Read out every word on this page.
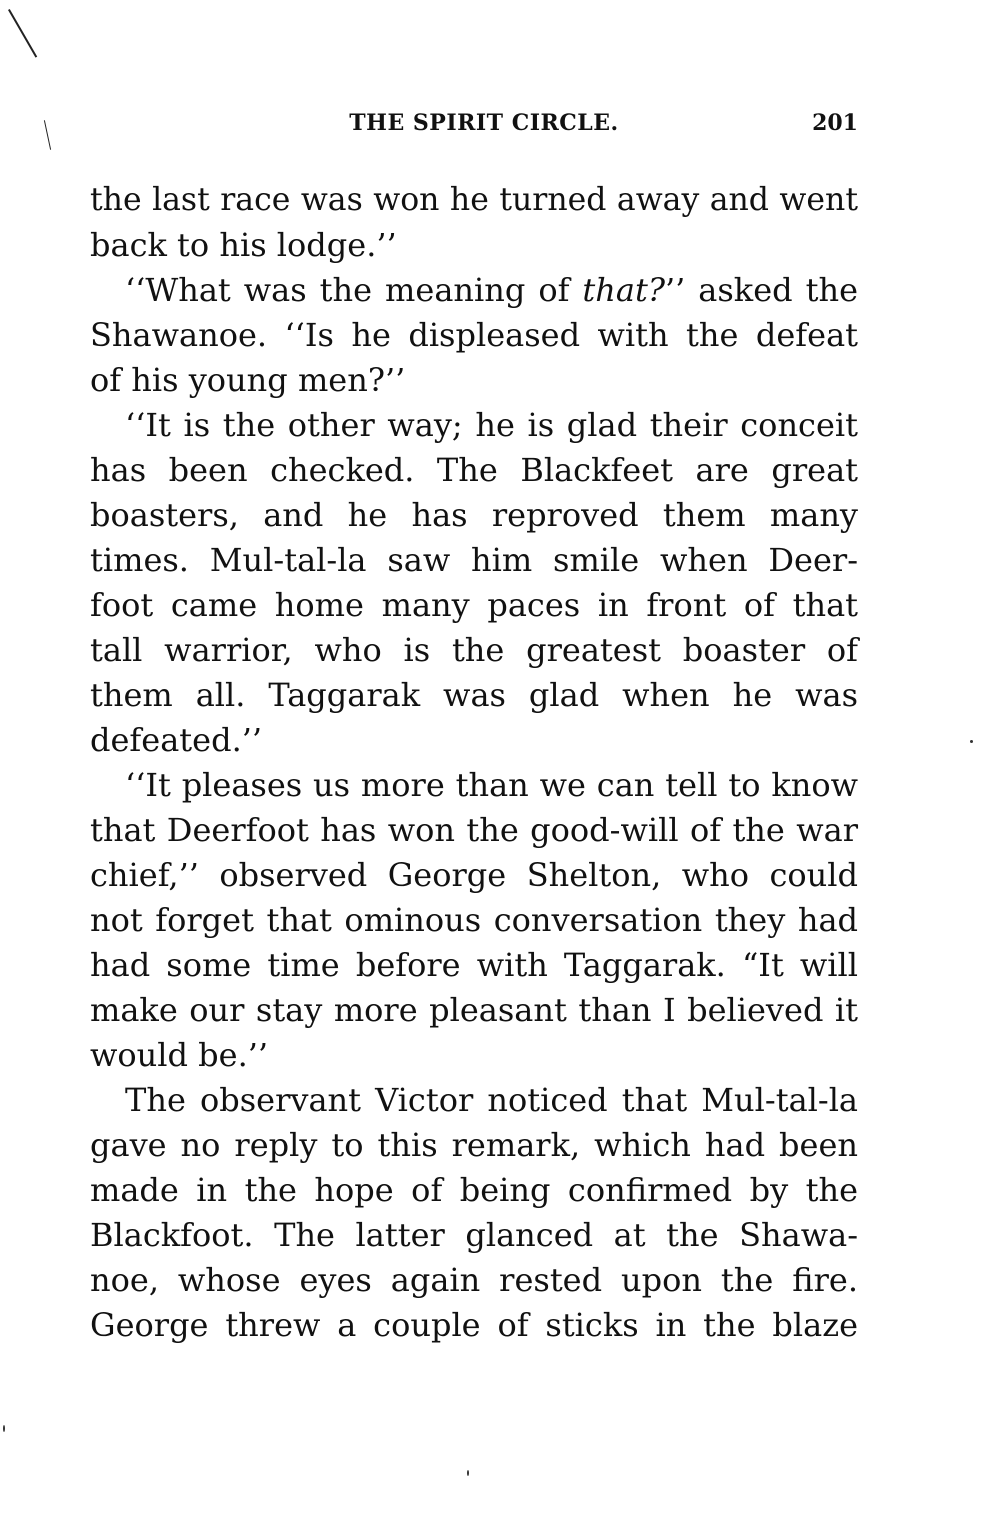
THE SPIRIT CIRCLE.	201
the last race was won he turned away and went
back to his lodge.’’
‘‘What was the meaning of that?’’ asked the
Shawanoe. ‘‘Is he displeased with the defeat
of his young men?’’
‘‘It is the other way; he is glad their conceit
has been checked. The Blackfeet are great
boasters, and he has reproved them many
times. Mul-tal-la saw him smile when Deer-
foot came home many paces in front of that
tall warrior, who is the greatest boaster of
them all. Taggarak was glad when he was
defeated.’’
‘‘It pleases us more than we can tell to know
that Deerfoot has won the good-will of the war
chief,’’ observed George Shelton, who could
not forget that ominous conversation they had
had some time before with Taggarak. “It will
make our stay more pleasant than I believed it
would be.’’
The observant Victor noticed that Mul-tal-la
gave no reply to this remark, which had been
made in the hope of being confirmed by the
Blackfoot. The latter glanced at the Shawa-
noe, whose eyes again rested upon the fire.
George threw a couple of sticks in the blaze
